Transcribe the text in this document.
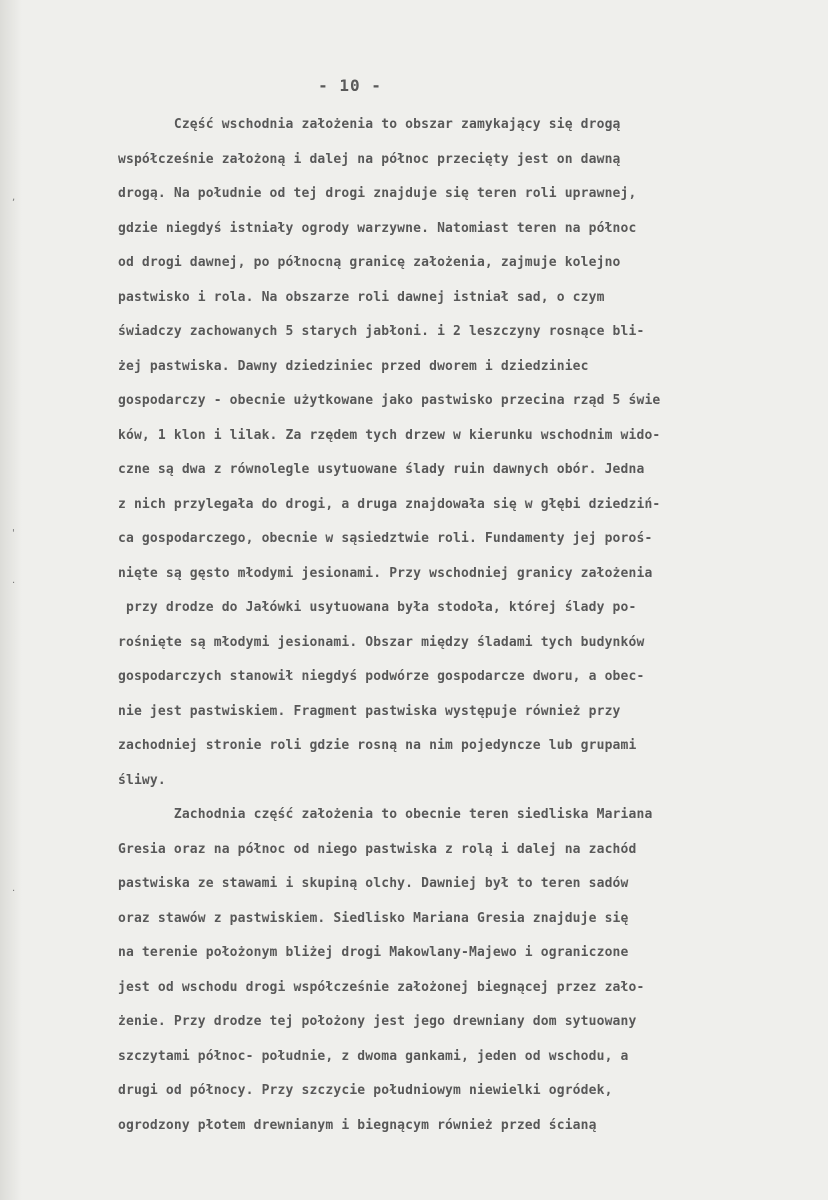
,
'
·
·
- 10 -
Część wschodnia założenia to obszar zamykający się drogą
współcześnie założoną i dalej na północ przecięty jest on dawną
drogą. Na południe od tej drogi znajduje się teren roli uprawnej,
gdzie niegdyś istniały ogrody warzywne. Natomiast teren na północ
od drogi dawnej, po północną granicę założenia, zajmuje kolejno
pastwisko i rola. Na obszarze roli dawnej istniał sad, o czym
świadczy zachowanych 5 starych jabłoni. i 2 leszczyny rosnące bli-
żej pastwiska. Dawny dziedziniec przed dworem i dziedziniec
gospodarczy - obecnie użytkowane jako pastwisko przecina rząd 5 świe
ków, 1 klon i lilak. Za rzędem tych drzew w kierunku wschodnim wido-
czne są dwa z równolegle usytuowane ślady ruin dawnych obór. Jedna
z nich przylegała do drogi, a druga znajdowała się w głębi dziedziń-
ca gospodarczego, obecnie w sąsiedztwie roli. Fundamenty jej poroś-
nięte są gęsto młodymi jesionami. Przy wschodniej granicy założenia
przy drodze do Jałówki usytuowana była stodoła, której ślady po-
rośnięte są młodymi jesionami. Obszar między śladami tych budynków
gospodarczych stanowił niegdyś podwórze gospodarcze dworu, a obec-
nie jest pastwiskiem. Fragment pastwiska występuje również przy
zachodniej stronie roli gdzie rosną na nim pojedyncze lub grupami
śliwy.
Zachodnia część założenia to obecnie teren siedliska Mariana
Gresia oraz na północ od niego pastwiska z rolą i dalej na zachód
pastwiska ze stawami i skupiną olchy. Dawniej był to teren sadów
oraz stawów z pastwiskiem. Siedlisko Mariana Gresia znajduje się
na terenie położonym bliżej drogi Makowlany-Majewo i ograniczone
jest od wschodu drogi współcześnie założonej biegnącej przez zało-
żenie. Przy drodze tej położony jest jego drewniany dom sytuowany
szczytami północ- południe, z dwoma gankami, jeden od wschodu, a
drugi od północy. Przy szczycie południowym niewielki ogródek,
ogrodzony płotem drewnianym i biegnącym również przed ścianą
